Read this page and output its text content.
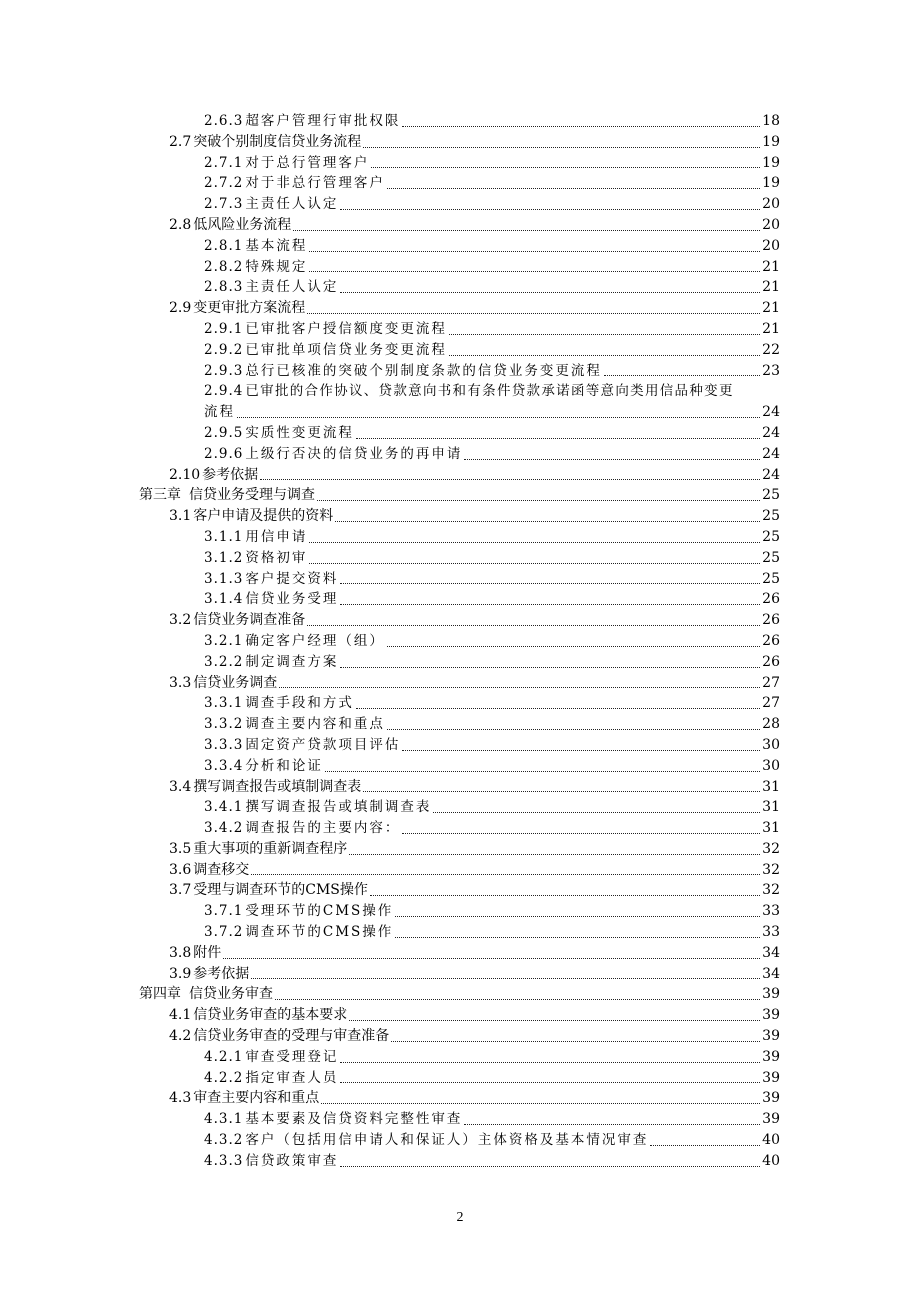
2.6.3 超客户管理行审批权限	18
2.7 突破个别制度信贷业务流程	19
2.7.1 对于总行管理客户	19
2.7.2 对于非总行管理客户	19
2.7.3 主责任人认定	20
2.8 低风险业务流程	20
2.8.1 基本流程	20
2.8.2 特殊规定	21
2.8.3 主责任人认定	21
2.9 变更审批方案流程	21
2.9.1 已审批客户授信额度变更流程	21
2.9.2 已审批单项信贷业务变更流程	22
2.9.3 总行已核准的突破个别制度条款的信贷业务变更流程	23
2.9.4 已审批的合作协议、贷款意向书和有条件贷款承诺函等意向类用信品种变更
流程	24
2.9.5 实质性变更流程	24
2.9.6 上级行否决的信贷业务的再申请	24
2.10 参考依据	24
第三章 信贷业务受理与调查	25
3.1 客户申请及提供的资料	25
3.1.1 用信申请	25
3.1.2 资格初审	25
3.1.3 客户提交资料	25
3.1.4 信贷业务受理	26
3.2 信贷业务调查准备	26
3.2.1 确定客户经理（组）	26
3.2.2 制定调查方案	26
3.3 信贷业务调查	27
3.3.1 调查手段和方式	27
3.3.2 调查主要内容和重点	28
3.3.3 固定资产贷款项目评估	30
3.3.4 分析和论证	30
3.4 撰写调查报告或填制调查表	31
3.4.1 撰写调查报告或填制调查表	31
3.4.2 调查报告的主要内容：	31
3.5 重大事项的重新调查程序	32
3.6 调查移交	32
3.7 受理与调查环节的CMS操作	32
3.7.1 受理环节的CMS操作	33
3.7.2 调查环节的CMS操作	33
3.8 附件	34
3.9 参考依据	34
第四章 信贷业务审查	39
4.1 信贷业务审查的基本要求	39
4.2 信贷业务审查的受理与审查准备	39
4.2.1 审查受理登记	39
4.2.2 指定审查人员	39
4.3 审查主要内容和重点	39
4.3.1 基本要素及信贷资料完整性审查	39
4.3.2 客户（包括用信申请人和保证人）主体资格及基本情况审查	40
4.3.3 信贷政策审查	40
2
